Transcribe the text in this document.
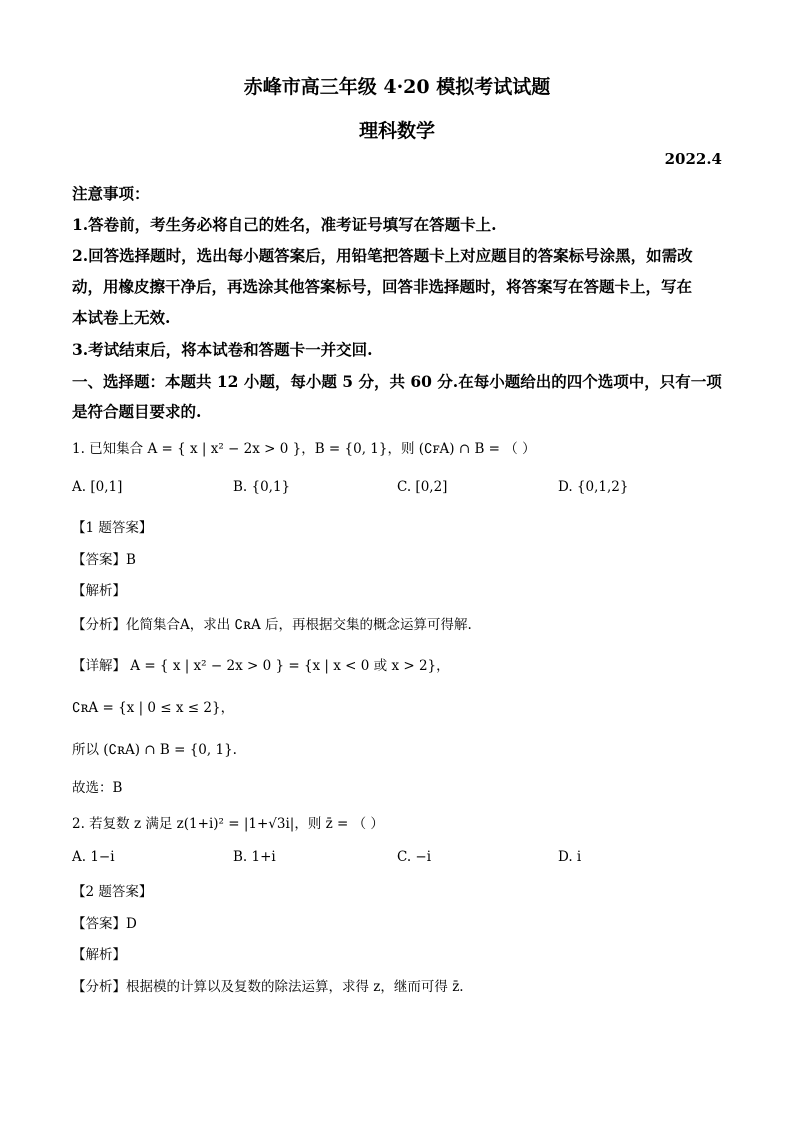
赤峰市高三年级 4·20 模拟考试试题
理科数学
2022.4
注意事项：
1.答卷前，考生务必将自己的姓名，准考证号填写在答题卡上.
2.回答选择题时，选出每小题答案后，用铅笔把答题卡上对应题目的答案标号涂黑，如需改
动，用橡皮擦干净后，再选涂其他答案标号，回答非选择题时，将答案写在答题卡上，写在
本试卷上无效.
3.考试结束后，将本试卷和答题卡一并交回.
一、选择题：本题共 12 小题，每小题 5 分，共 60 分.在每小题给出的四个选项中，只有一项
是符合题目要求的.
1. 已知集合 A = { x | x² − 2x > 0 }，B = {0, 1}，则 (∁ꜰA) ∩ B = （ ）
A. [0,1]	B. {0,1}	C. [0,2]	D. {0,1,2}
【1 题答案】
【答案】B
【解析】
【分析】化简集合A，求出 ∁ʀA 后，再根据交集的概念运算可得解.
【详解】 A = { x | x² − 2x > 0 } = {x | x < 0 或 x > 2}，
∁ʀA = {x | 0 ≤ x ≤ 2}，
所以 (∁ʀA) ∩ B = {0, 1}.
故选：B
2. 若复数 z 满足 z(1+i)² = |1+√3i|，则 z̄ = （ ）
A. 1−i	B. 1+i	C. −i	D. i
【2 题答案】
【答案】D
【解析】
【分析】根据模的计算以及复数的除法运算，求得 z，继而可得 z̄.
